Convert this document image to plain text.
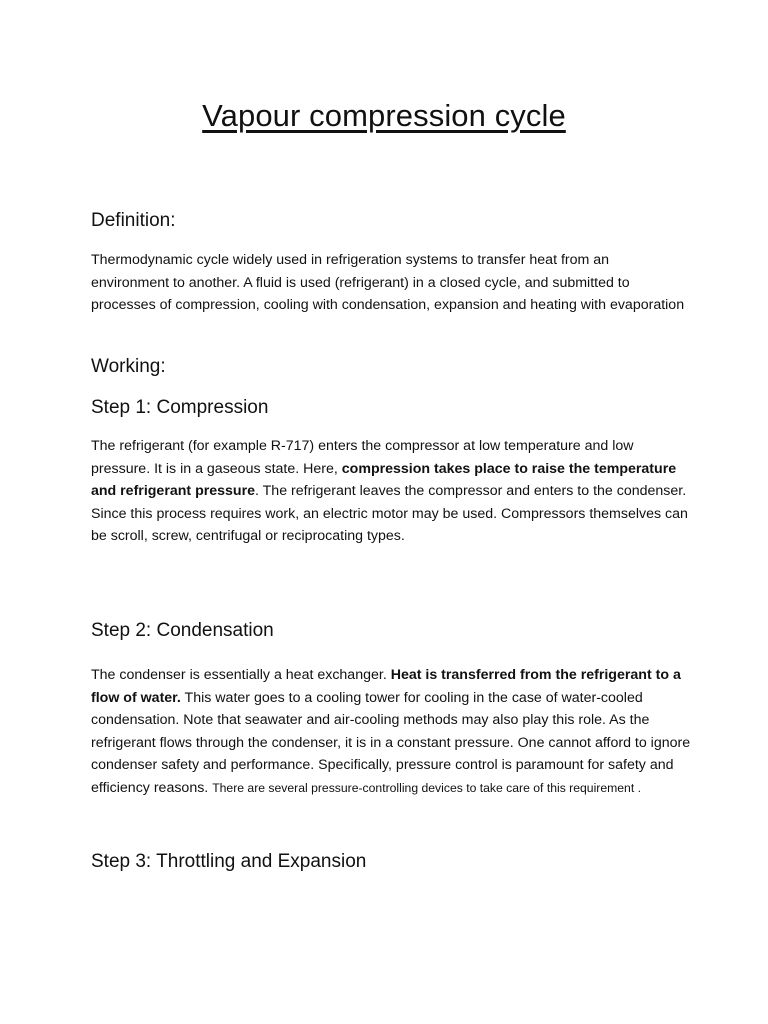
Vapour compression cycle
Definition:

Thermodynamic cycle widely used in refrigeration systems to transfer heat from an environment to another. A fluid is used (refrigerant) in a closed cycle, and submitted to processes of compression, cooling with condensation, expansion and heating with evaporation

Working:
Step 1: Compression

The refrigerant (for example R-717) enters the compressor at low temperature and low pressure. It is in a gaseous state. Here, compression takes place to raise the temperature and refrigerant pressure. The refrigerant leaves the compressor and enters to the condenser. Since this process requires work, an electric motor may be used. Compressors themselves can be scroll, screw, centrifugal or reciprocating types.

Step 2: Condensation

The condenser is essentially a heat exchanger. Heat is transferred from the refrigerant to a flow of water. This water goes to a cooling tower for cooling in the case of water-cooled condensation. Note that seawater and air-cooling methods may also play this role. As the refrigerant flows through the condenser, it is in a constant pressure. One cannot afford to ignore condenser safety and performance. Specifically, pressure control is paramount for safety and efficiency reasons. There are several pressure-controlling devices to take care of this requirement .

Step 3: Throttling and Expansion
